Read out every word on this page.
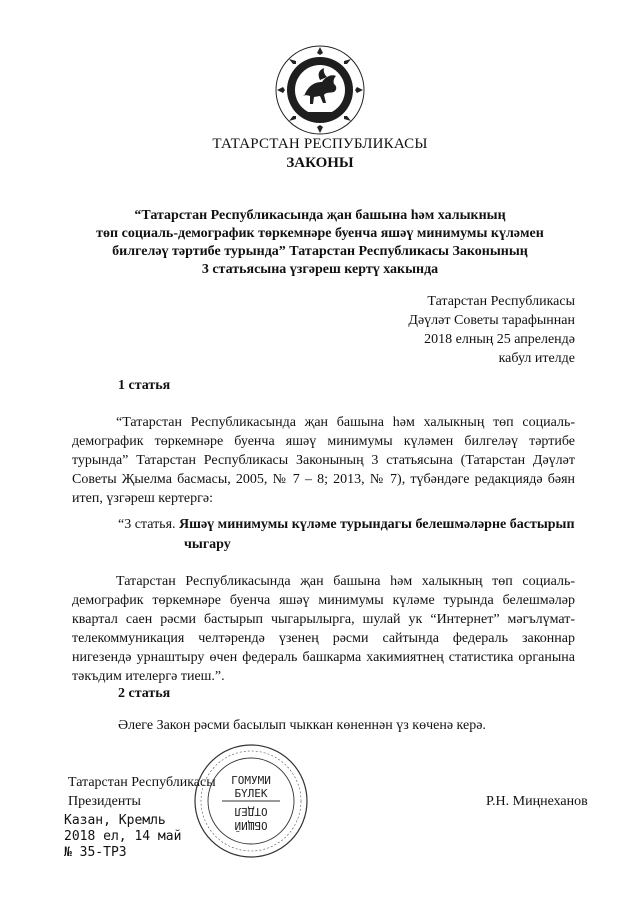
ТАТАРСТАН РЕСПУБЛИКАСЫ
ЗАКОНЫ
“Татарстан Республикасында җан башына һәм халыкның
төп социаль-демографик төркемнәре буенча яшәү минимумы күләмен
билгеләү тәртибе турында” Татарстан Республикасы Законының
3 статьясына үзгәреш кертү хакында
Татарстан Республикасы
Дәүләт Советы тарафыннан
2018 елның 25 апрелендә
кабул ителде
1 статья
“Татарстан Республикасында җан башына һәм халыкның төп социаль-
демографик төркемнәре буенча яшәү минимумы күләмен билгеләү тәртибе
турында” Татарстан Республикасы Законының 3 статьясына (Татарстан Дәүләт
Советы Җыелма басмасы, 2005, № 7 – 8; 2013, № 7), түбәндәге редакциядә бәян
итеп, үзгәреш кертергә:
“3 статья. Яшәү минимумы күләме турындагы белешмәләрне бастырып
чыгару
Татарстан Республикасында җан башына һәм халыкның төп социаль-
демографик төркемнәре буенча яшәү минимумы күләме турында белешмәләр
квартал саен рәсми бастырып чыгарылырга, шулай ук “Интернет” мәгълүмат-
телекоммуникация челтәрендә үзенең рәсми сайтында федераль законнар
нигезендә урнаштыру өчен федераль башкарма хакимиятнең статистика органына
тәкъдим ителергә тиеш.”.
2 статья
Әлеге Закон рәсми басылып чыккан көненнән үз көченә керә.
Татарстан Республикасы
Президенты	Р.Н. Миңнеханов
Казан, Кремль
2018 ел, 14 май
№ 35-ТРЗ
ГОМУМИ
БҮЛЕК
ОТДЕЛ
ОБЩИЙ
